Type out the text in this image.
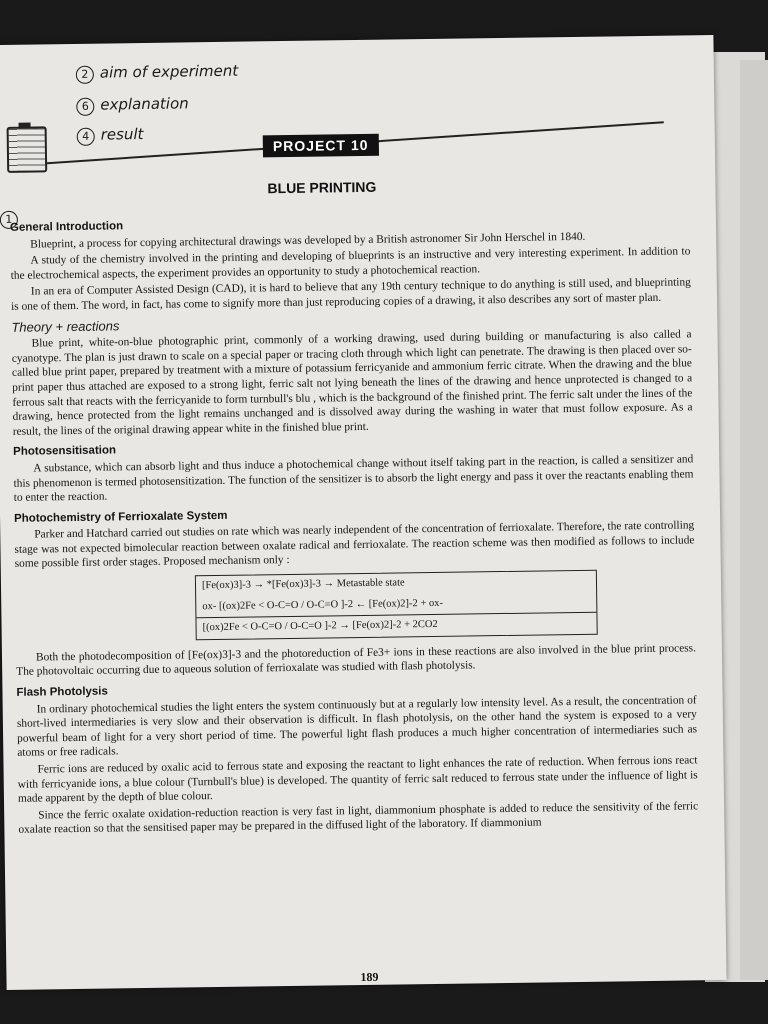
2 aim of experiment
6 explanation
4 result
PROJECT 10
BLUE PRINTING
1
General Introduction

Blueprint, a process for copying architectural drawings was developed by a British astronomer Sir John Herschel in 1840.

A study of the chemistry involved in the printing and developing of blueprints is an instructive and very interesting experiment. In addition to the electrochemical aspects, the experiment provides an opportunity to study a photochemical reaction.

In an era of Computer Assisted Design (CAD), it is hard to believe that any 19th century technique to do anything is still used, and blueprinting is one of them. The word, in fact, has come to signify more than just reproducing copies of a drawing, it also describes any sort of master plan.

Theory + reactions

Blue print, white-on-blue photographic print, commonly of a working drawing, used during building or manufacturing is also called a cyanotype. The plan is just drawn to scale on a special paper or tracing cloth through which light can penetrate. The drawing is then placed over so-called blue print paper, prepared by treatment with a mixture of potassium ferricyanide and ammonium ferric citrate. When the drawing and the blue print paper thus attached are exposed to a strong light, ferric salt not lying beneath the lines of the drawing and hence unprotected is changed to a ferrous salt that reacts with the ferricyanide to form turnbull's blu , which is the background of the finished print. The ferric salt under the lines of the drawing, hence protected from the light remains unchanged and is dissolved away during the washing in water that must follow exposure. As a result, the lines of the original drawing appear white in the finished blue print.

Photosensitisation

A substance, which can absorb light and thus induce a photochemical change without itself taking part in the reaction, is called a sensitizer and this phenomenon is termed photosensitization. The function of the sensitizer is to absorb the light energy and pass it over the reactants enabling them to enter the reaction.

Photochemistry of Ferrioxalate System

Parker and Hatchard carried out studies on rate which was nearly independent of the concentration of ferrioxalate. Therefore, the rate controlling stage was not expected bimolecular reaction between oxalate radical and ferrioxalate. The reaction scheme was then modified as follows to include some possible first order stages. Proposed mechanism only :

[Fe(ox)3]-3 → *[Fe(ox)3]-3 → Metastable state
ox- [(ox)2Fe < O-C=O / O-C=O ]-2 ← [Fe(ox)2]-2 + ox-
[(ox)2Fe < O-C=O / O-C=O ]-2 → [Fe(ox)2]-2 + 2CO2

Both the photodecomposition of [Fe(ox)3]-3 and the photoreduction of Fe3+ ions in these reactions are also involved in the blue print process. The photovoltaic occurring due to aqueous solution of ferrioxalate was studied with flash photolysis.

Flash Photolysis

In ordinary photochemical studies the light enters the system continuously but at a regularly low intensity level. As a result, the concentration of short-lived intermediaries is very slow and their observation is difficult. In flash photolysis, on the other hand the system is exposed to a very powerful beam of light for a very short period of time. The powerful light flash produces a much higher concentration of intermediaries such as atoms or free radicals.

Ferric ions are reduced by oxalic acid to ferrous state and exposing the reactant to light enhances the rate of reduction. When ferrous ions react with ferricyanide ions, a blue colour (Turnbull's blue) is developed. The quantity of ferric salt reduced to ferrous state under the influence of light is made apparent by the depth of blue colour.

Since the ferric oxalate oxidation-reduction reaction is very fast in light, diammonium phosphate is added to reduce the sensitivity of the ferric oxalate reaction so that the sensitised paper may be prepared in the diffused light of the laboratory. If diammonium

189
